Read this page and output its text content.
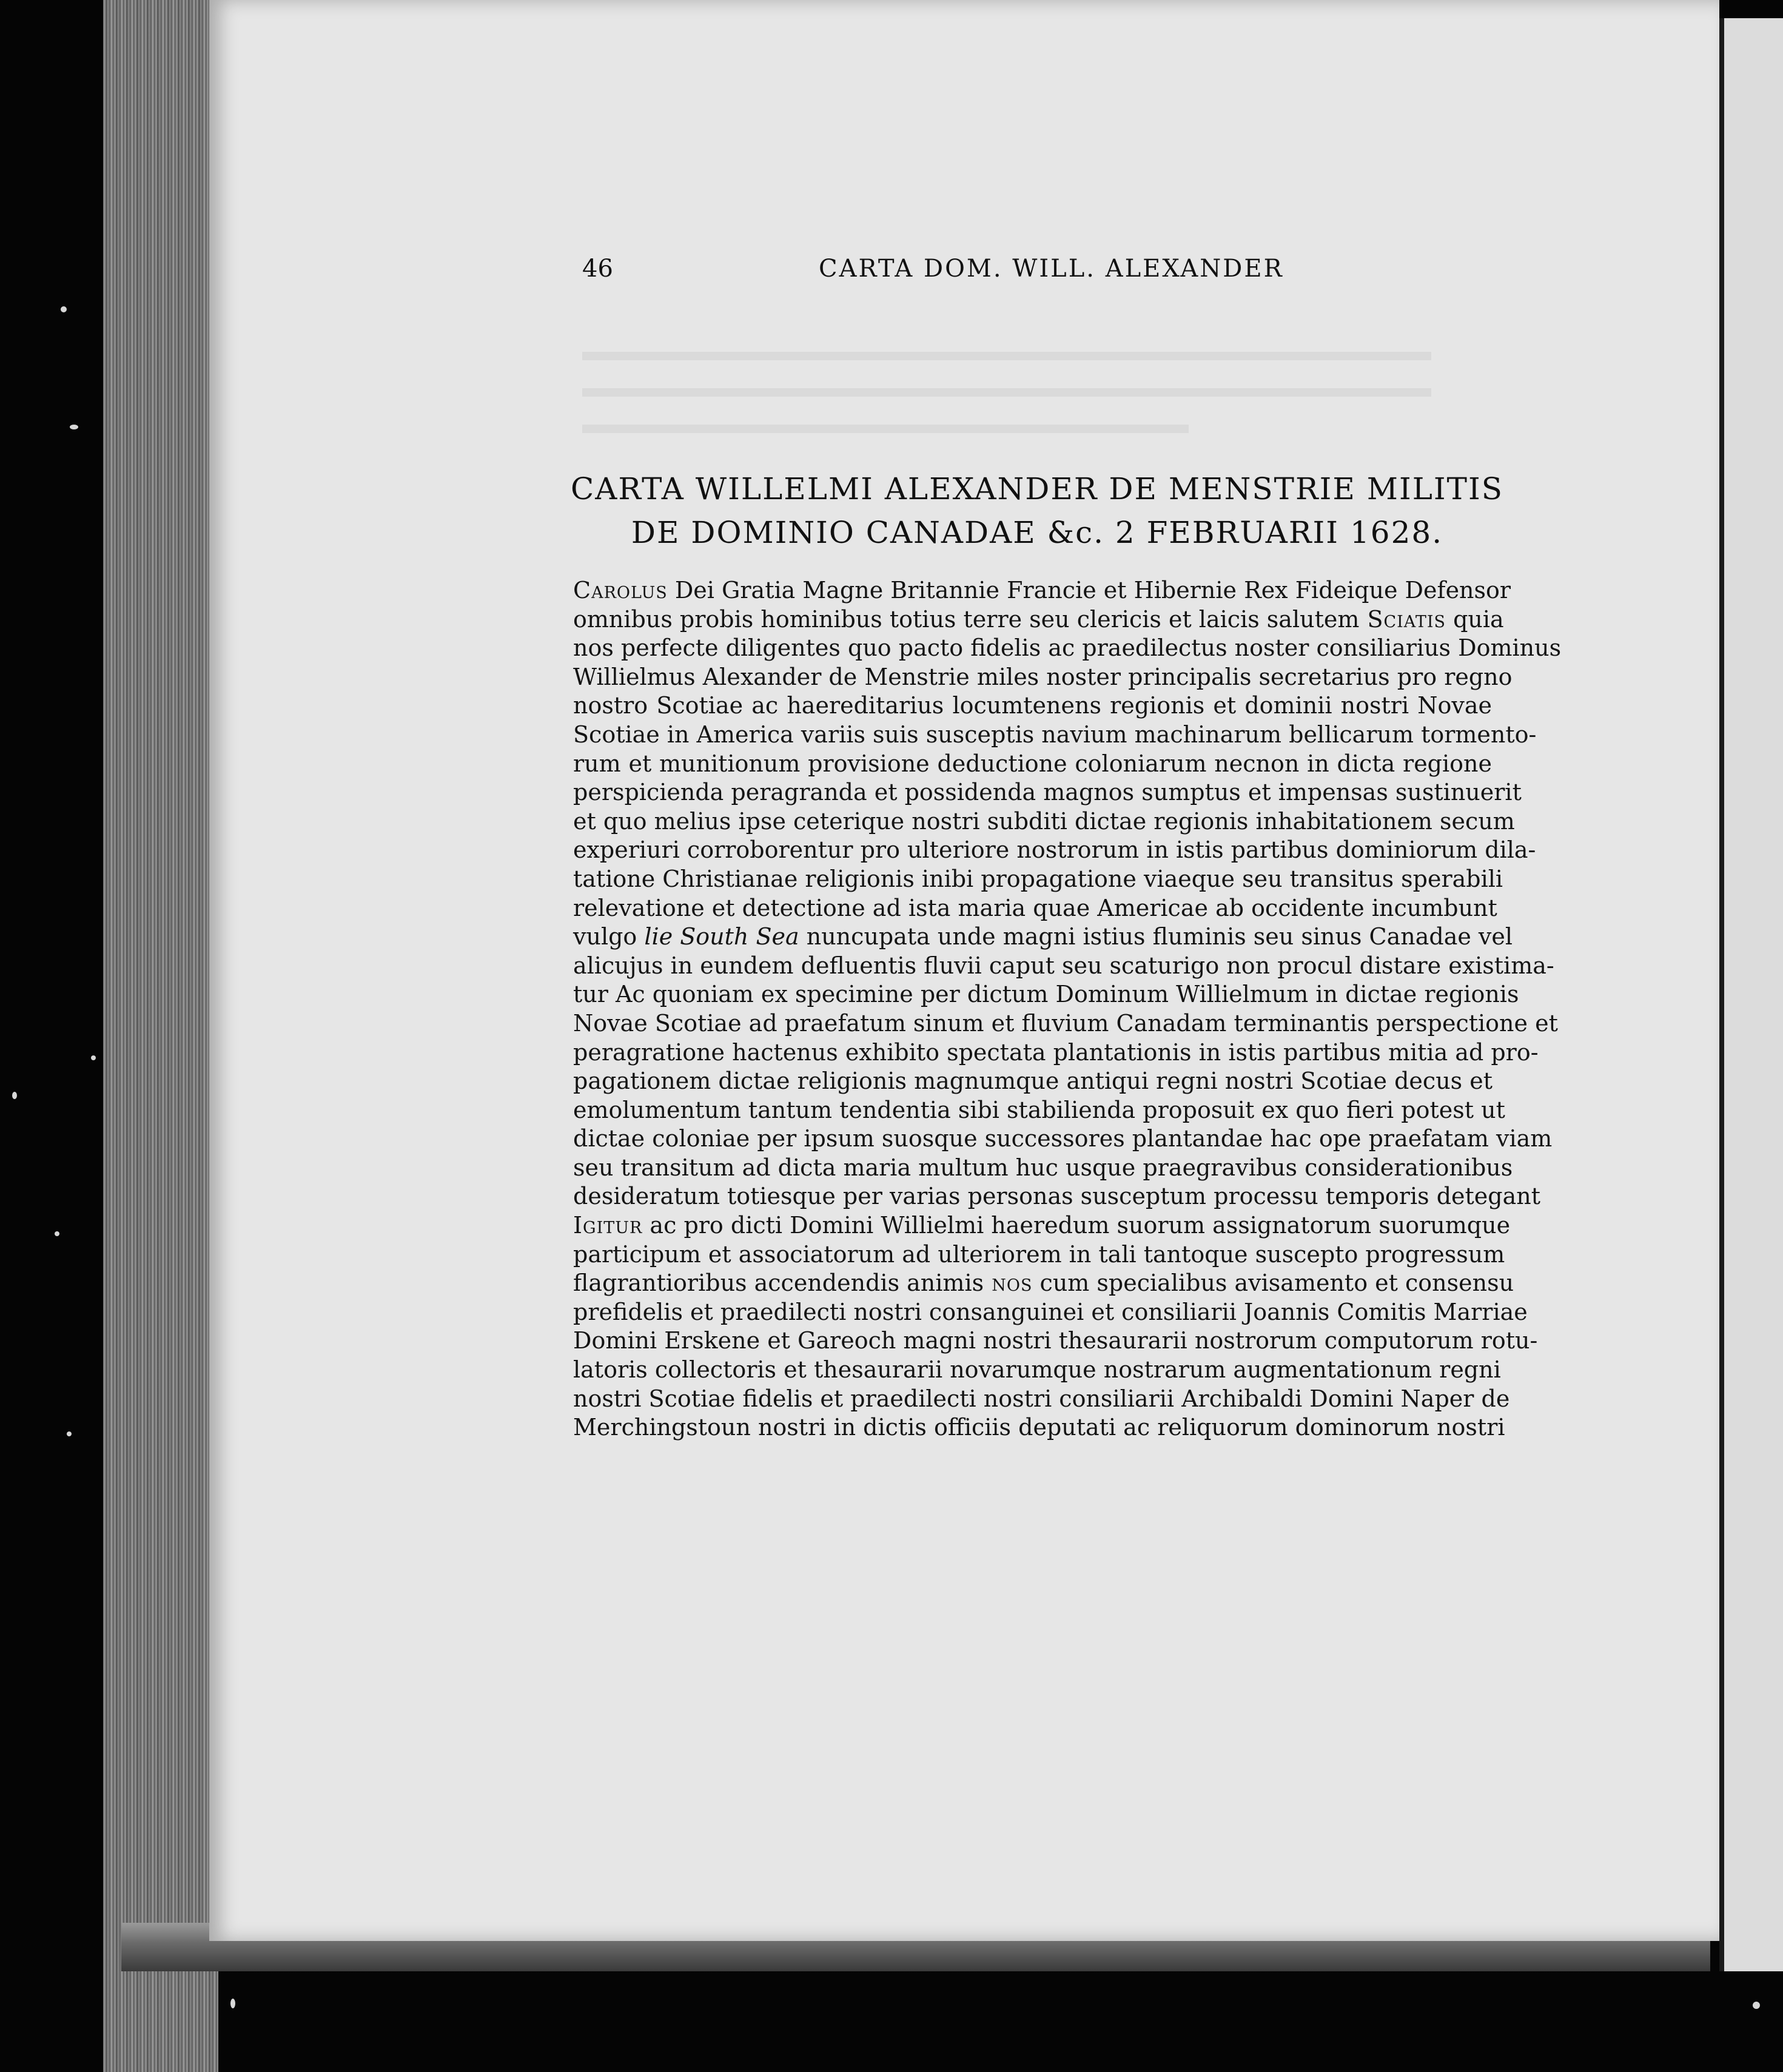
46	CARTA DOM. WILL. ALEXANDER
CARTA WILLELMI ALEXANDER DE MENSTRIE MILITIS
DE DOMINIO CANADAE &c. 2 FEBRUARII 1628.
Carolus Dei Gratia Magne Britannie Francie et Hibernie Rex Fideique Defensor
omnibus probis hominibus totius terre seu clericis et laicis salutem Sciatis quia
nos perfecte diligentes quo pacto fidelis ac praedilectus noster consiliarius Dominus
Willielmus Alexander de Menstrie miles noster principalis secretarius pro regno
nostro Scotiae ac haereditarius locumtenens regionis et dominii nostri Novae
Scotiae in America variis suis susceptis navium machinarum bellicarum tormento-
rum et munitionum provisione deductione coloniarum necnon in dicta regione
perspicienda peragranda et possidenda magnos sumptus et impensas sustinuerit
et quo melius ipse ceterique nostri subditi dictae regionis inhabitationem secum
experiuri corroborentur pro ulteriore nostrorum in istis partibus dominiorum dila-
tatione Christianae religionis inibi propagatione viaeque seu transitus sperabili
relevatione et detectione ad ista maria quae Americae ab occidente incumbunt
vulgo lie South Sea nuncupata unde magni istius fluminis seu sinus Canadae vel
alicujus in eundem defluentis fluvii caput seu scaturigo non procul distare existima-
tur Ac quoniam ex specimine per dictum Dominum Willielmum in dictae regionis
Novae Scotiae ad praefatum sinum et fluvium Canadam terminantis perspectione et
peragratione hactenus exhibito spectata plantationis in istis partibus mitia ad pro-
pagationem dictae religionis magnumque antiqui regni nostri Scotiae decus et
emolumentum tantum tendentia sibi stabilienda proposuit ex quo fieri potest ut
dictae coloniae per ipsum suosque successores plantandae hac ope praefatam viam
seu transitum ad dicta maria multum huc usque praegravibus considerationibus
desideratum totiesque per varias personas susceptum processu temporis detegant
Igitur ac pro dicti Domini Willielmi haeredum suorum assignatorum suorumque
participum et associatorum ad ulteriorem in tali tantoque suscepto progressum
flagrantioribus accendendis animis nos cum specialibus avisamento et consensu
prefidelis et praedilecti nostri consanguinei et consiliarii Joannis Comitis Marriae
Domini Erskene et Gareoch magni nostri thesaurarii nostrorum computorum rotu-
latoris collectoris et thesaurarii novarumque nostrarum augmentationum regni
nostri Scotiae fidelis et praedilecti nostri consiliarii Archibaldi Domini Naper de
Merchingstoun nostri in dictis officiis deputati ac reliquorum dominorum nostri
